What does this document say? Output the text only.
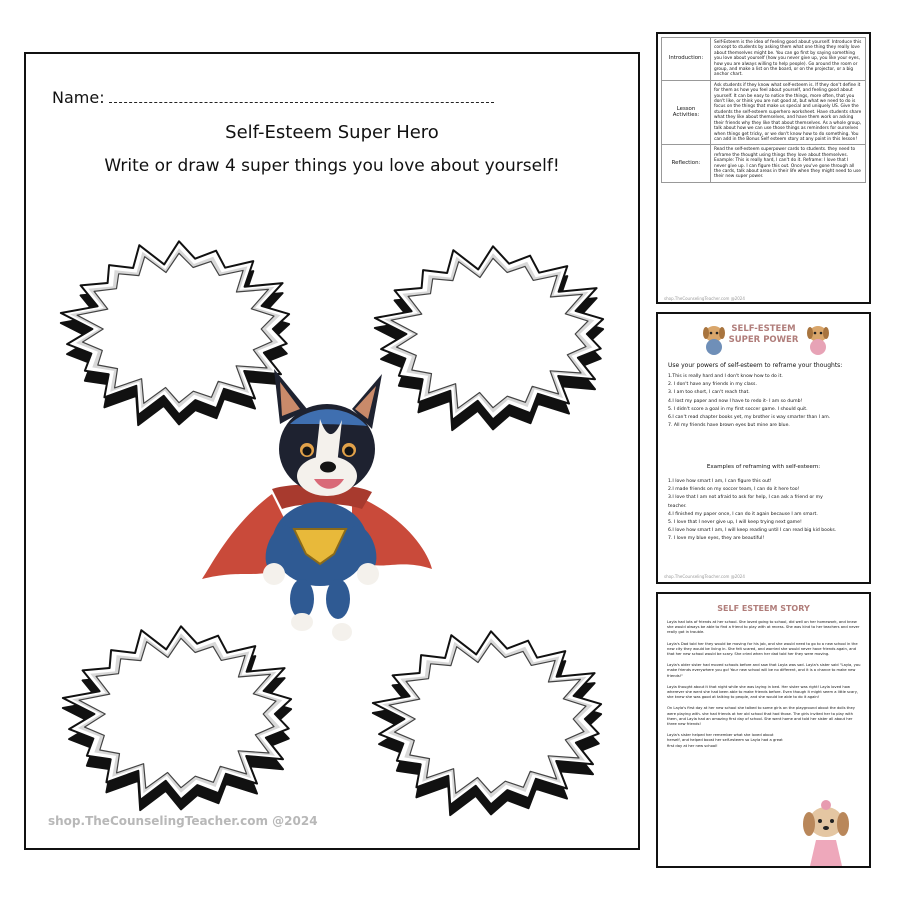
Name:
Self-Esteem Super Hero
Write or draw 4 super things you love about yourself!
shop.TheCounselingTeacher.com @2024
Introduction:	Self-Esteem is the idea of feeling good about yourself. Introduce this concept to students by asking them what one thing they really love about themselves might be. You can go first by saying something you love about yourself (how you never give up, you like your eyes, how you are always willing to help people). Go around the room or group, and make a list on the board, or on the projector, or a big anchor chart.
Lesson Activities:	Ask students if they know what self-esteem is. If they don't define it for them as how you feel about yourself, and feeling good about yourself. It can be easy to notice the things, more often, that you don't like, or think you are not good at, but what we need to do is focus on the things that make us special and uniquely US. Give the students the self-esteem superhero worksheet. Have students share what they like about themselves, and have them work on asking their friends why they like that about themselves. As a whole group, talk about how we can use those things as reminders for ourselves when things get tricky, or we don't know how to do something. You can add in the Bonus Self esteem story at any point in this lesson!
Reflection:	Read the self-esteem superpower cards to students. they need to reframe the thought using things they love about themselves. Example: This is really hard, I can't do it. Reframe: I love that I never give up. I can figure this out. Once you've gone through all the cards, talk about areas in their life when they might need to use their new super power.
shop.TheCounselingTeacher.com @2024
SELF-ESTEEM
SUPER POWER
Use your powers of self-esteem to reframe your thoughts:
1.This is really hard and I don't know how to do it.
2. I don't have any friends in my class.
3. I am too short, I can't reach that.
4.I lost my paper and now I have to redo it- I am so dumb!
5. I didn't score a goal in my first soccer game. I should quit.
6.I can't read chapter books yet, my brother is way smarter than I am.
7. All my friends have brown eyes but mine are blue.
Examples of reframing with self-esteem:
1.I love how smart I am, I can figure this out!
2.I made friends on my soccer team, I can do it here too!
3.I love that I am not afraid to ask for help, I can ask a friend or my
teacher.
4.I finished my paper once, I can do it again because I am smart.
5. I love that I never give up, I will keep trying next game!
6.I love how smart I am, I will keep reading until I can read big kid books.
7. I love my blue eyes, they are beautiful!
shop.TheCounselingTeacher.com @2024
SELF ESTEEM STORY

Layla had lots of friends at her school. She loved going to school, did well on her homework, and knew she would always be able to find a friend to play with at recess. She was kind to her teachers and never really got in trouble.

Layla's Dad told her they would be moving for his job, and she would need to go to a new school in the new city they would be living in. She felt scared, and worried she would never have friends again, and that her new school would be scary. She cried when her dad told her they were moving.

Layla's older sister had moved schools before and saw that Layla was sad. Layla's sister said "Layla, you make friends everywhere you go! Your new school will be no different, and it is a chance to make new friends!"

Layla thought about it that night while she was laying in bed. Her sister was right! Layla loved how wherever she went she had been able to make friends before. Even though it might seem a little scary, she knew she was good at talking to people, and she would be able to do it again!

On Layla's first day at her new school she talked to some girls on the playground about the dolls they were playing with- she had friends at her old school that had those. The girls invited her to play with them, and Layla had an amazing first day of school. She went home and told her sister all about her three new friends!

Layla's sister helped her remember what she loved about herself, and helped boost her self-esteem so Layla had a great first day at her new school!
